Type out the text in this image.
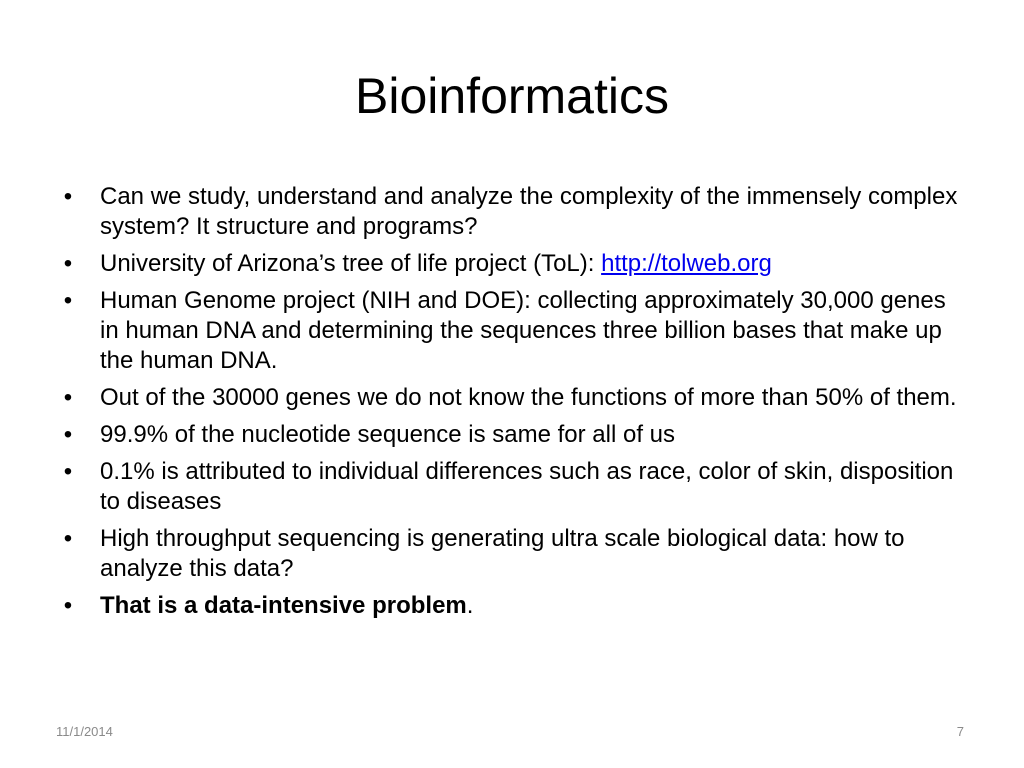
Bioinformatics
• Can we study, understand and analyze the complexity of the immensely complex system? It structure and programs?
• University of Arizona’s tree of life project (ToL): http://tolweb.org
• Human Genome project (NIH and DOE): collecting approximately 30,000 genes in human DNA and determining the sequences three billion bases that make up the human DNA.
• Out of the 30000 genes we do not know the functions of more than 50% of them.
• 99.9% of the nucleotide sequence is same for all of us
• 0.1% is attributed to individual differences such as race, color of skin, disposition to diseases
• High throughput sequencing is generating ultra scale biological data: how to analyze this data?
• That is a data-intensive problem.
11/1/2014	7
